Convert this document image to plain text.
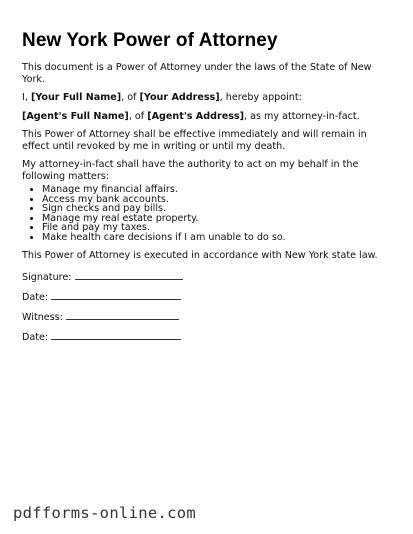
New York Power of Attorney

This document is a Power of Attorney under the laws of the State of New York.

I, [Your Full Name], of [Your Address], hereby appoint:

[Agent's Full Name], of [Agent's Address], as my attorney-in-fact.

This Power of Attorney shall be effective immediately and will remain in effect until revoked by me in writing or until my death.

My attorney-in-fact shall have the authority to act on my behalf in the following matters:

• Manage my financial affairs.
• Access my bank accounts.
• Sign checks and pay bills.
• Manage my real estate property.
• File and pay my taxes.
• Make health care decisions if I am unable to do so.

This Power of Attorney is executed in accordance with New York state law.

Signature:
Date:
Witness:
Date:
pdfforms-online.com
